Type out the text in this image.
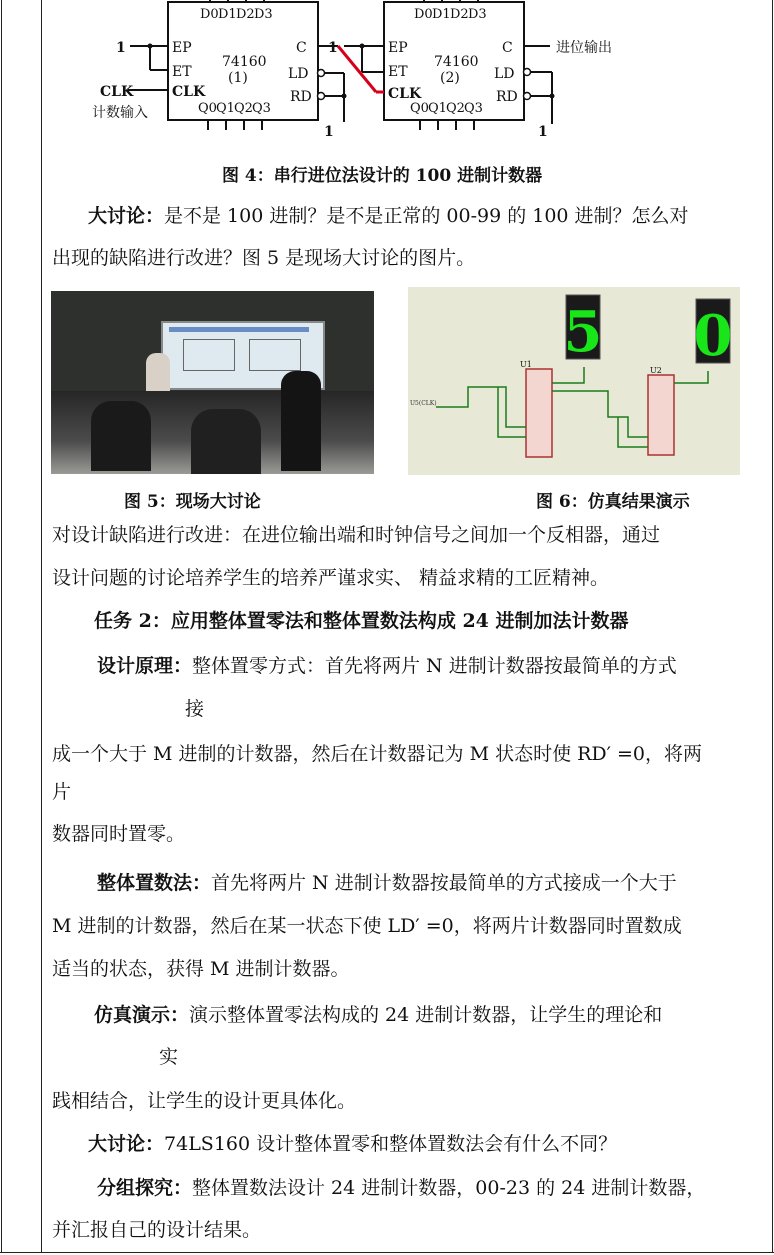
1	1
1	1
CLK
计数输入
进位输出
EP
ET
CLK
EP
ET
CLK
74160
(1)
74160
(2)
C
LD
RD
C
LD
RD
D0 D1 D2 D3	D0 D1 D2 D3
Q0 Q1 Q2 Q3	Q0 Q1 Q2 Q3
图 4：串行进位法设计的 100 进制计数器
大讨论：是不是 100 进制？是不是正常的 00-99 的 100 进制？怎么对
出现的缺陷进行改进？图 5 是现场大讨论的图片。
5 0
U1
U2
U5(CLK)
图 5：现场大讨论	图 6：仿真结果演示
对设计缺陷进行改进：在进位输出端和时钟信号之间加一个反相器，通过
设计问题的讨论培养学生的培养严谨求实、 精益求精的工匠精神。
任务 2：应用整体置零法和整体置数法构成 24 进制加法计数器
设计原理：整体置零方式：首先将两片 N 进制计数器按最简单的方式
接
成一个大于 M 进制的计数器，然后在计数器记为 M 状态时使 RD′ =0，将两
片
数器同时置零。
整体置数法：首先将两片 N 进制计数器按最简单的方式接成一个大于
M 进制的计数器，然后在某一状态下使 LD′ =0，将两片计数器同时置数成
适当的状态，获得 M 进制计数器。
仿真演示：演示整体置零法构成的 24 进制计数器，让学生的理论和
实
践相结合，让学生的设计更具体化。
大讨论：74LS160 设计整体置零和整体置数法会有什么不同？
分组探究：整体置数法设计 24 进制计数器，00-23 的 24 进制计数器，
并汇报自己的设计结果。
